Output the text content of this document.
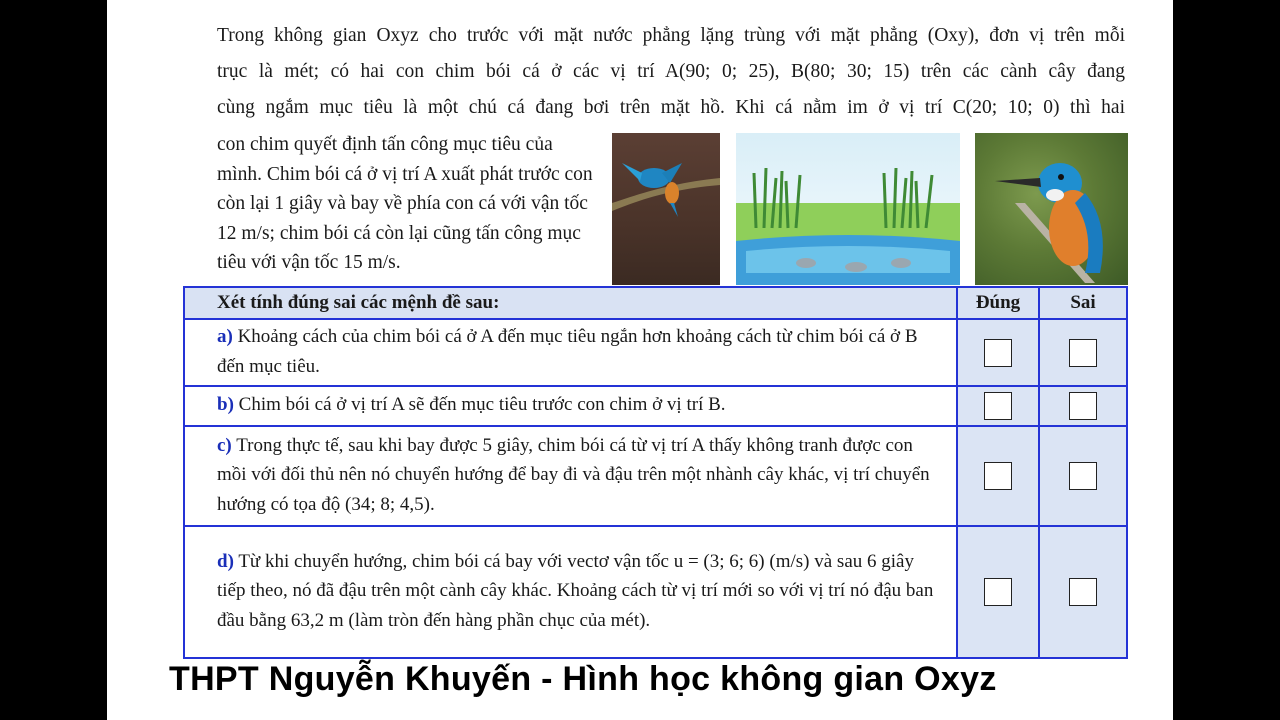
Trong không gian Oxyz cho trước với mặt nước phẳng lặng trùng với mặt phẳng (Oxy), đơn vị trên mỗi
trục là mét; có hai con chim bói cá ở các vị trí A(90; 0; 25), B(80; 30; 15) trên các cành cây đang
cùng ngắm mục tiêu là một chú cá đang bơi trên mặt hồ. Khi cá nằm im ở vị trí C(20; 10; 0) thì hai
con chim quyết định tấn công mục tiêu của mình. Chim bói cá ở vị trí A xuất phát trước con còn lại 1 giây và bay về phía con cá với vận tốc 12 m/s; chim bói cá còn lại cũng tấn công mục tiêu với vận tốc 15 m/s.
Xét tính đúng sai các mệnh đề sau:	Đúng	Sai
a) Khoảng cách của chim bói cá ở A đến mục tiêu ngắn hơn khoảng cách từ chim bói cá ở B đến mục tiêu.		
b) Chim bói cá ở vị trí A sẽ đến mục tiêu trước con chim ở vị trí B.		
c) Trong thực tế, sau khi bay được 5 giây, chim bói cá từ vị trí A thấy không tranh được con mồi với đối thủ nên nó chuyển hướng để bay đi và đậu trên một nhành cây khác, vị trí chuyển hướng có tọa độ (34; 8; 4,5).		
d) Từ khi chuyển hướng, chim bói cá bay với vectơ vận tốc u = (3; 6; 6) (m/s) và sau 6 giây tiếp theo, nó đã đậu trên một cành cây khác. Khoảng cách từ vị trí mới so với vị trí nó đậu ban đầu bằng 63,2 m (làm tròn đến hàng phần chục của mét).		
THPT Nguyễn Khuyến - Hình học không gian Oxyz
